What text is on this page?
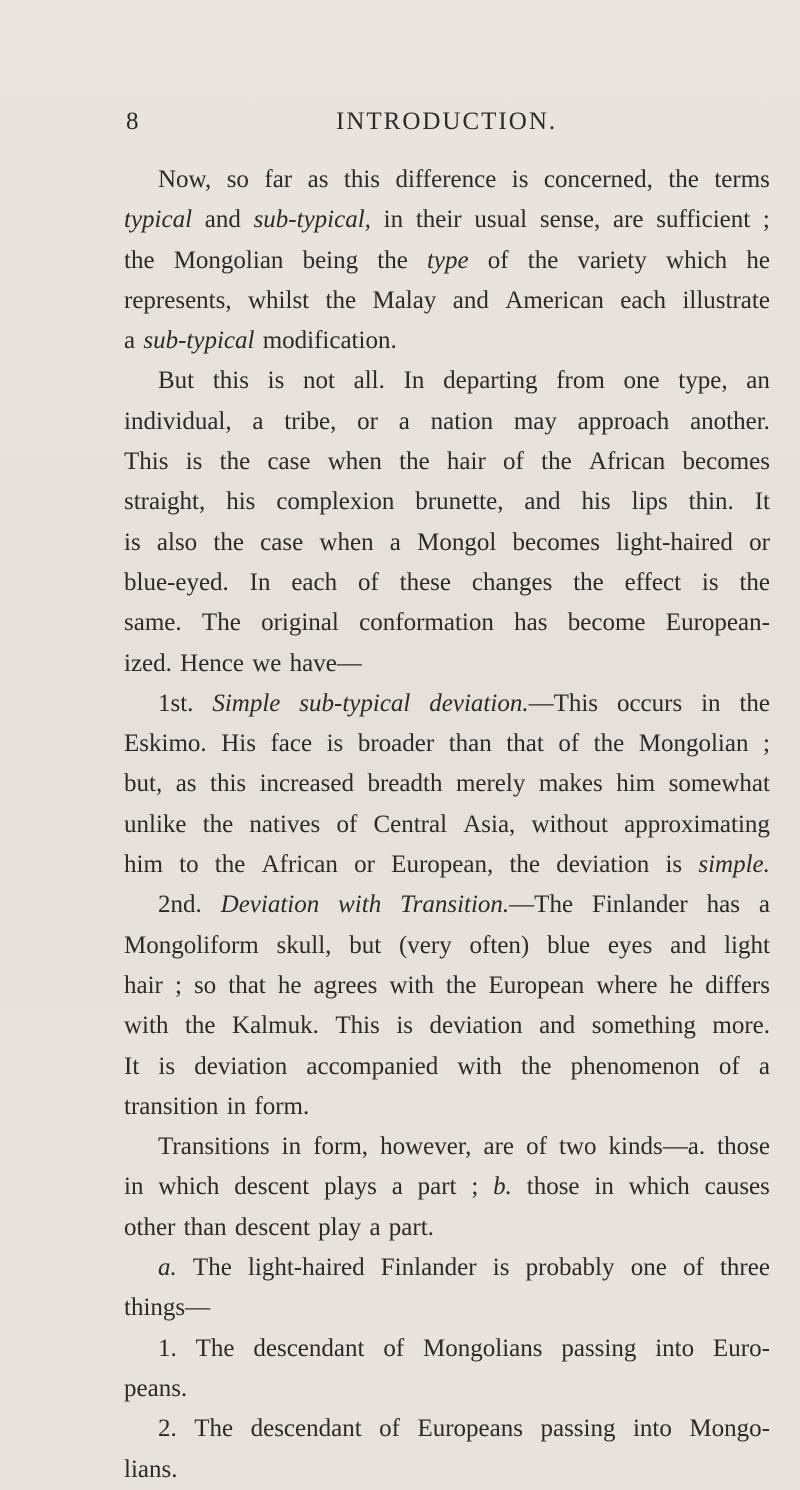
8	INTRODUCTION.
Now, so far as this difference is concerned, the terms
typical and sub-typical, in their usual sense, are sufficient ;
the Mongolian being the type of the variety which he
represents, whilst the Malay and American each illustrate
a sub-typical modification.
But this is not all. In departing from one type, an
individual, a tribe, or a nation may approach another.
This is the case when the hair of the African becomes
straight, his complexion brunette, and his lips thin. It
is also the case when a Mongol becomes light-haired or
blue-eyed. In each of these changes the effect is the
same. The original conformation has become European-
ized. Hence we have—
1st. Simple sub-typical deviation.—This occurs in the
Eskimo. His face is broader than that of the Mongolian ;
but, as this increased breadth merely makes him somewhat
unlike the natives of Central Asia, without approximating
him to the African or European, the deviation is simple.
2nd. Deviation with Transition.—The Finlander has a
Mongoliform skull, but (very often) blue eyes and light
hair ; so that he agrees with the European where he differs
with the Kalmuk. This is deviation and something more.
It is deviation accompanied with the phenomenon of a
transition in form.
Transitions in form, however, are of two kinds—a. those
in which descent plays a part ; b. those in which causes
other than descent play a part.
a. The light-haired Finlander is probably one of three
things—
1. The descendant of Mongolians passing into Euro-
peans.
2. The descendant of Europeans passing into Mongo-
lians.
